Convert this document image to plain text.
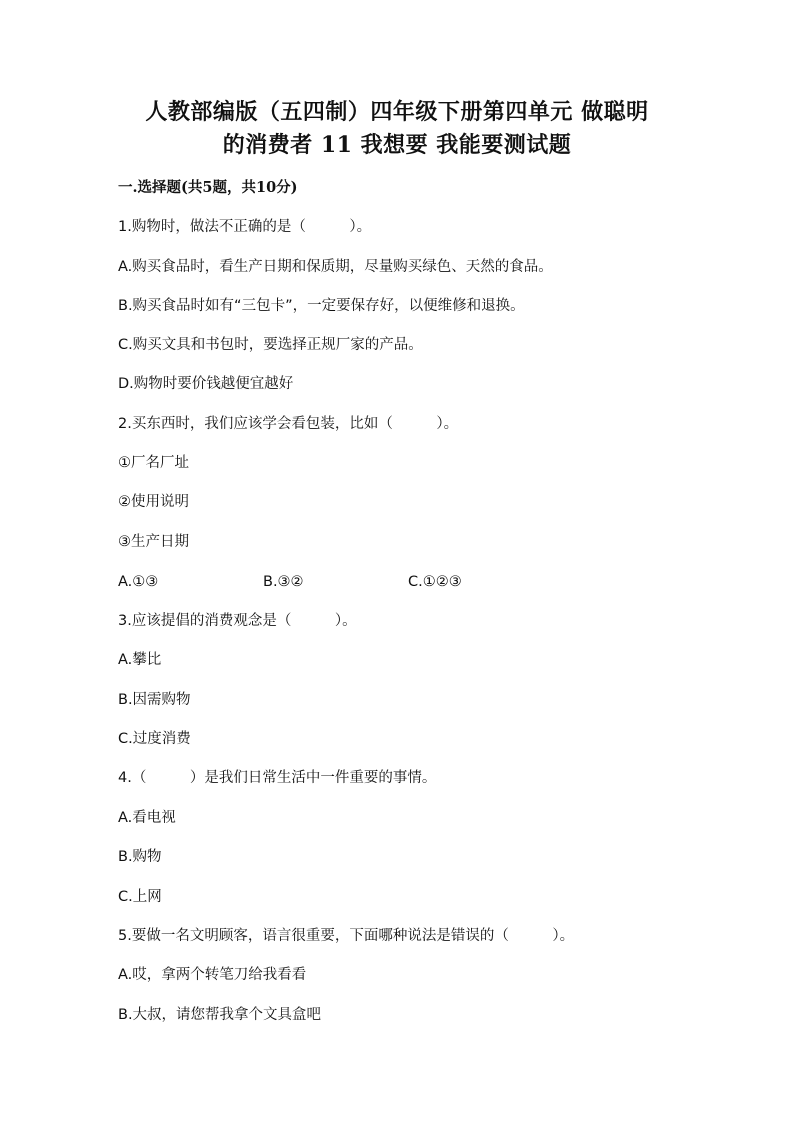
人教部编版（五四制）四年级下册第四单元 做聪明
的消费者 11 我想要 我能要测试题
一.选择题(共5题，共10分)
1.购物时，做法不正确的是（　　　）。
A.购买食品时，看生产日期和保质期，尽量购买绿色、天然的食品。
B.购买食品时如有“三包卡”，一定要保存好，以便维修和退换。
C.购买文具和书包时，要选择正规厂家的产品。
D.购物时要价钱越便宜越好
2.买东西时，我们应该学会看包装，比如（　　　）。
①厂名厂址
②使用说明
③生产日期
A.①③	B.③②	C.①②③
3.应该提倡的消费观念是（　　　）。
A.攀比
B.因需购物
C.过度消费
4.（　　　）是我们日常生活中一件重要的事情。
A.看电视
B.购物
C.上网
5.要做一名文明顾客，语言很重要，下面哪种说法是错误的（　　　）。
A.哎，拿两个转笔刀给我看看
B.大叔，请您帮我拿个文具盒吧
